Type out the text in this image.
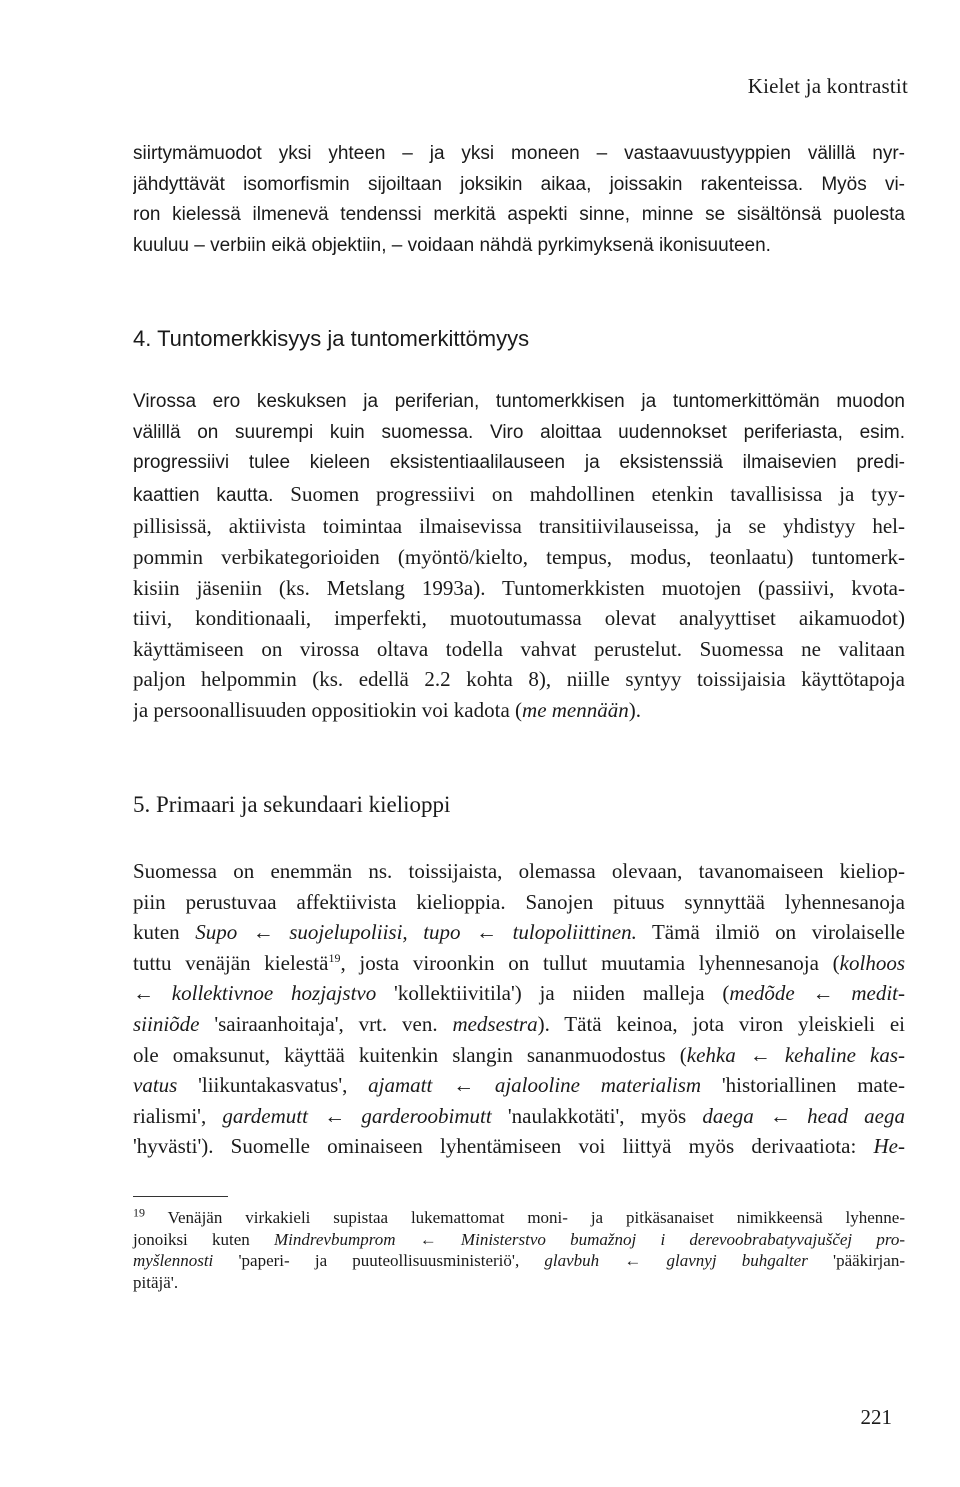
Kielet ja kontrastit
siirtymämuodot yksi yhteen – ja yksi moneen – vastaavuustyyppien välillä nyr-
jähdyttävät isomorfismin sijoiltaan joksikin aikaa, joissakin rakenteissa. Myös vi-
ron kielessä ilmenevä tendenssi merkitä aspekti sinne, minne se sisältönsä puolesta
kuuluu – verbiin eikä objektiin, – voidaan nähdä pyrkimyksenä ikonisuuteen.
4. Tuntomerkkisyys ja tuntomerkittömyys
Virossa ero keskuksen ja periferian, tuntomerkkisen ja tuntomerkittömän muodon
välillä on suurempi kuin suomessa. Viro aloittaa uudennokset periferiasta, esim.
progressiivi tulee kieleen eksistentiaalilauseen ja eksistenssiä ilmaisevien predi-
kaattien kautta. Suomen progressiivi on mahdollinen etenkin tavallisissa ja tyy-
pillisissä, aktiivista toimintaa ilmaisevissa transitiivilauseissa, ja se yhdistyy hel-
pommin verbikategorioiden (myöntö/kielto, tempus, modus, teonlaatu) tuntomerk-
kisiin jäseniin (ks. Metslang 1993a). Tuntomerkkisten muotojen (passiivi, kvota-
tiivi, konditionaali, imperfekti, muotoutumassa olevat analyyttiset aikamuodot)
käyttämiseen on virossa oltava todella vahvat perustelut. Suomessa ne valitaan
paljon helpommin (ks. edellä 2.2 kohta 8), niille syntyy toissijaisia käyttötapoja
ja persoonallisuuden oppositiokin voi kadota (me mennään).
5. Primaari ja sekundaari kielioppi
Suomessa on enemmän ns. toissijaista, olemassa olevaan, tavanomaiseen kieliop-
piin perustuvaa affektiivista kielioppia. Sanojen pituus synnyttää lyhennesanoja
kuten Supo ← suojelupoliisi, tupo ← tulopoliittinen. Tämä ilmiö on virolaiselle
tuttu venäjän kielestä$^{19}$, josta viroonkin on tullut muutamia lyhennesanoja (kolhoos
← kollektivnoe hozjajstvo 'kollektiivitila') ja niiden malleja (medõde ← medit-
siiniõde 'sairaanhoitaja', vrt. ven. medsestra). Tätä keinoa, jota viron yleiskieli ei
ole omaksunut, käyttää kuitenkin slangin sananmuodostus (kehka ← kehaline kas-
vatus 'liikuntakasvatus', ajamatt ← ajalooline materialism 'historiallinen mate-
rialismi', gardemutt ← garderoobimutt 'naulakkotäti', myös daega ← head aega
'hyvästi'). Suomelle ominaiseen lyhentämiseen voi liittyä myös derivaatiota: He-
$^{19}$ Venäjän virkakieli supistaa lukemattomat moni- ja pitkäsanaiset nimikkeensä lyhenne-
jonoiksi kuten Mindrevbumprom ← Ministerstvo bumažnoj i derevoobrabatyvajuščej pro-
myšlennosti 'paperi- ja puuteollisuusministeriö', glavbuh ← glavnyj buhgalter 'pääkirjan-
pitäjä'.
221
